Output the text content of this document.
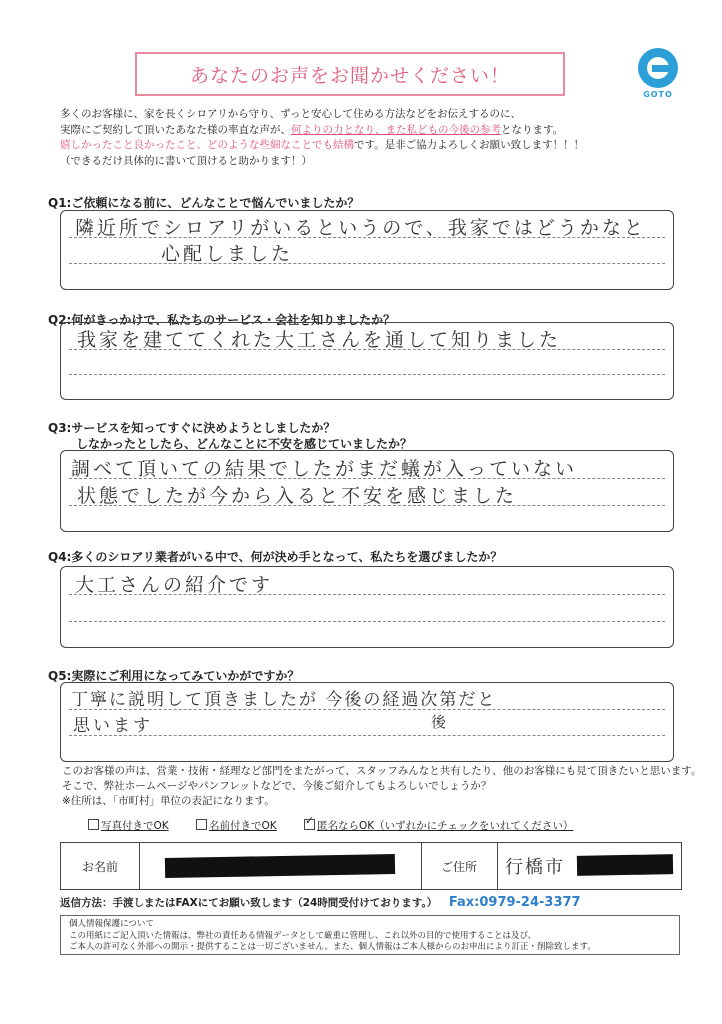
あなたのお声をお聞かせください！
GOTO
多くのお客様に、家を長くシロアリから守り、ずっと安心して住める方法などをお伝えするのに、
実際にご契約して頂いたあなた様の率直な声が、何よりの力となり、また私どもの今後の参考となります。
嬉しかったこと良かったこと、どのような些細なことでも結構です。是非ご協力よろしくお願い致します！！！
（できるだけ具体的に書いて頂けると助かります！）
Q1:ご依頼になる前に、どんなことで悩んでいましたか？
隣近所でシロアリがいるというので、我家ではどうかなと
心配しました
Q2:何がきっかけで、私たちのサービス・会社を知りましたか？
我家を建ててくれた大工さんを通して知りました
Q3:サービスを知ってすぐに決めようとしましたか？
しなかったとしたら、どんなことに不安を感じていましたか？
調べて頂いての結果でしたがまだ蟻が入っていない
状態でしたが今から入ると不安を感じました
Q4:多くのシロアリ業者がいる中で、何が決め手となって、私たちを選びましたか？
大工さんの紹介です
Q5:実際にご利用になってみていかがですか？
丁寧に説明して頂きましたが 今後の経過次第だと
思います	後
このお客様の声は、営業・技術・経理など部門をまたがって、スタッフみんなと共有したり、他のお客様にも見て頂きたいと思います。
そこで、弊社ホームページやパンフレットなどで、今後ご紹介してもよろしいでしょうか？
※住所は、「市町村」単位の表記になります。
写真付きでOK	名前付きでOK	✓ 匿名ならOK（いずれかにチェックをいれてください）
お名前	ご住所	行橋市
返信方法：手渡しまたはFAXにてお願い致します（24時間受付けております。） Fax:0979-24-3377
個人情報保護について
この用紙にご記入頂いた情報は、弊社の責任ある情報データとして厳重に管理し、これ以外の目的で使用することは及び、
ご本人の許可なく外部への開示・提供することは一切ございません。また、個人情報はご本人様からのお申出により訂正・削除致します。
